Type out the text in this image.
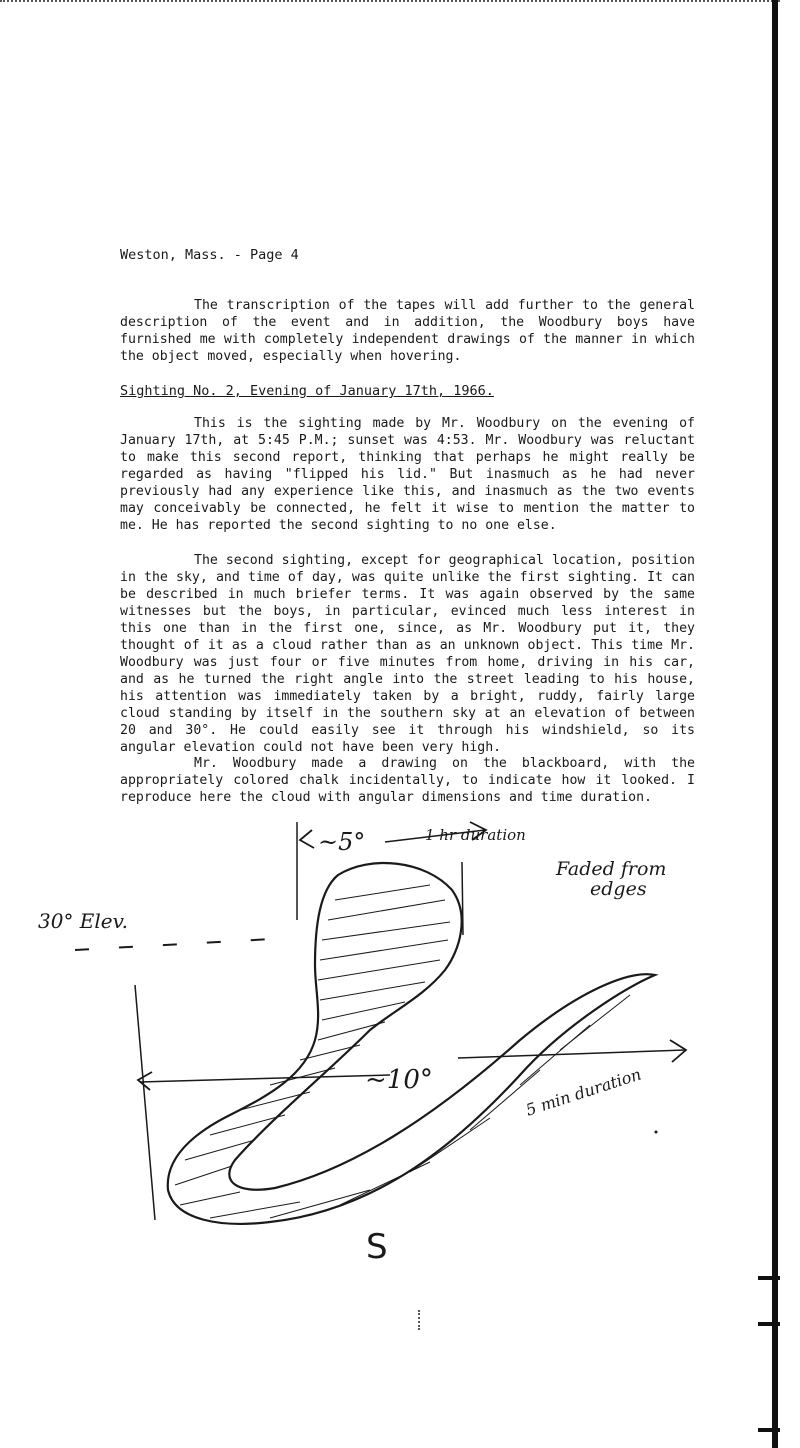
Weston, Mass. - Page 4

The transcription of the tapes will add further to the general description of the event and in addition, the Woodbury boys have furnished me with completely independent drawings of the manner in which the object moved, especially when hovering.

Sighting No. 2, Evening of January 17th, 1966.

This is the sighting made by Mr. Woodbury on the evening of January 17th, at 5:45 P.M.; sunset was 4:53. Mr. Woodbury was reluctant to make this second report, thinking that perhaps he might really be regarded as having "flipped his lid." But inasmuch as he had never previously had any experience like this, and inasmuch as the two events may conceivably be connected, he felt it wise to mention the matter to me. He has reported the second sighting to no one else.

The second sighting, except for geographical location, position in the sky, and time of day, was quite unlike the first sighting. It can be described in much briefer terms. It was again observed by the same witnesses but the boys, in particular, evinced much less interest in this one than in the first one, since, as Mr. Woodbury put it, they thought of it as a cloud rather than as an unknown object. This time Mr. Woodbury was just four or five minutes from home, driving in his car, and as he turned the right angle into the street leading to his house, his attention was immediately taken by a bright, ruddy, fairly large cloud standing by itself in the southern sky at an elevation of between 20 and 30°. He could easily see it through his windshield, so its angular elevation could not have been very high.

Mr. Woodbury made a drawing on the blackboard, with the appropriately colored chalk incidentally, to indicate how it looked. I reproduce here the cloud with angular dimensions and time duration.

~5°	1 hr duration
Faded from
edges
30° Elev.
~10°	5 min duration
S
